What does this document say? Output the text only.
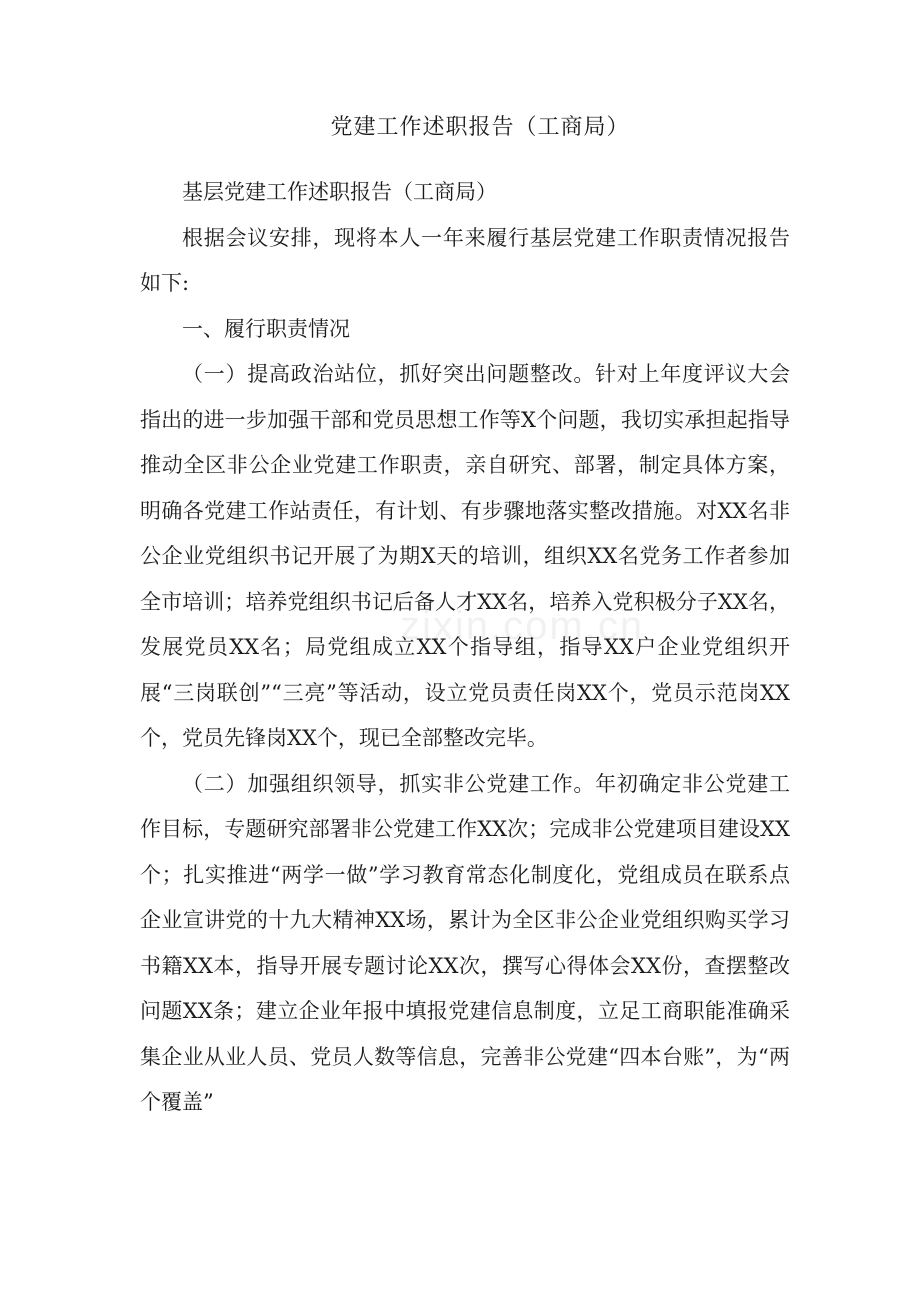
党建工作述职报告（工商局）

基层党建工作述职报告（工商局）

根据会议安排，现将本人一年来履行基层党建工作职责情况报告如下:

一、履行职责情况

（一）提高政治站位，抓好突出问题整改。针对上年度评议大会指出的进一步加强干部和党员思想工作等X个问题，我切实承担起指导推动全区非公企业党建工作职责，亲自研究、部署，制定具体方案，明确各党建工作站责任，有计划、有步骤地落实整改措施。对XX名非公企业党组织书记开展了为期X天的培训，组织XX名党务工作者参加全市培训；培养党组织书记后备人才XX名，培养入党积极分子XX名，发展党员XX名；局党组成立XX个指导组，指导XX户企业党组织开展“三岗联创”“三亮”等活动，设立党员责任岗XX个，党员示范岗XX个，党员先锋岗XX个，现已全部整改完毕。

（二）加强组织领导，抓实非公党建工作。年初确定非公党建工作目标，专题研究部署非公党建工作XX次；完成非公党建项目建设XX个；扎实推进“两学一做”学习教育常态化制度化，党组成员在联系点企业宣讲党的十九大精神XX场，累计为全区非公企业党组织购买学习书籍XX本，指导开展专题讨论XX次，撰写心得体会XX份，查摆整改问题XX条；建立企业年报中填报党建信息制度，立足工商职能准确采集企业从业人员、党员人数等信息，完善非公党建“四本台账”，为“两个覆盖”

zixin.com.cn
